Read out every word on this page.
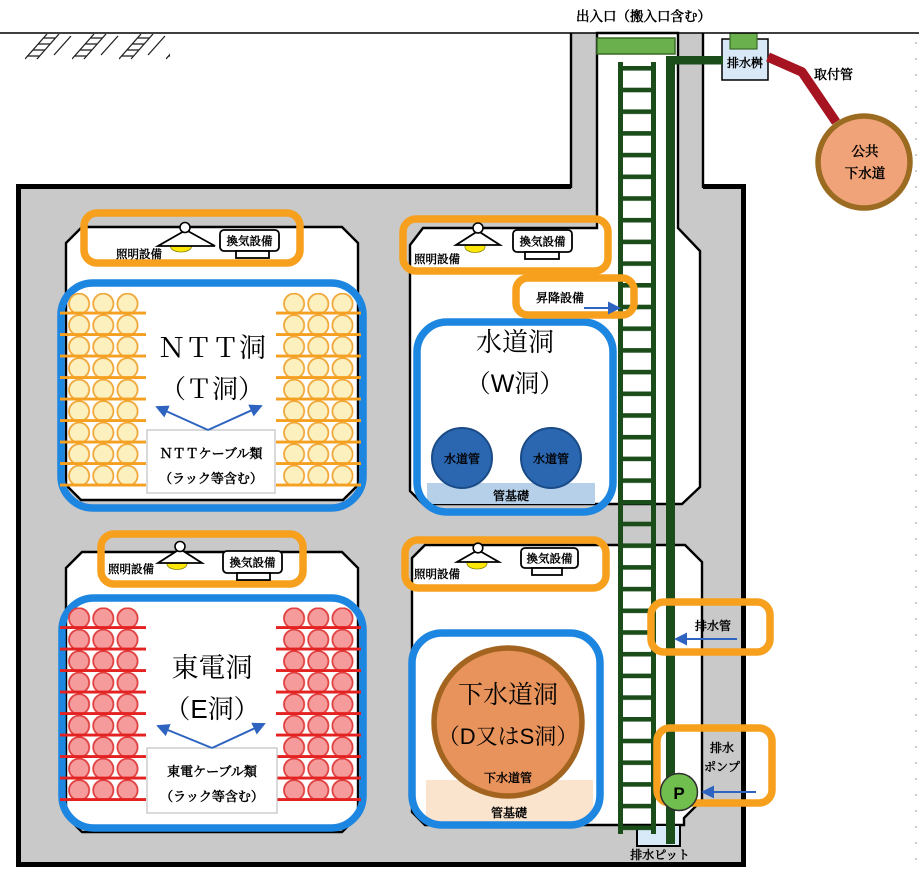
ＮＴＴ洞
（Ｔ洞）
ＮＴＴケーブル類
（ラック等含む）
東電洞
（E洞）
東電ケーブル類
（ラック等含む）
水道洞
（W洞）
水道管	水道管
管基礎
下水道洞
（D又はS洞）
下水道管
管基礎
排水桝
取付管
公共
下水道
排水ピット
出入口（搬入口含む）
照明設備
換気設備
照明設備
換気設備
照明設備
換気設備
照明設備
換気設備
昇降設備
排水管
排水
ポンプ
P
